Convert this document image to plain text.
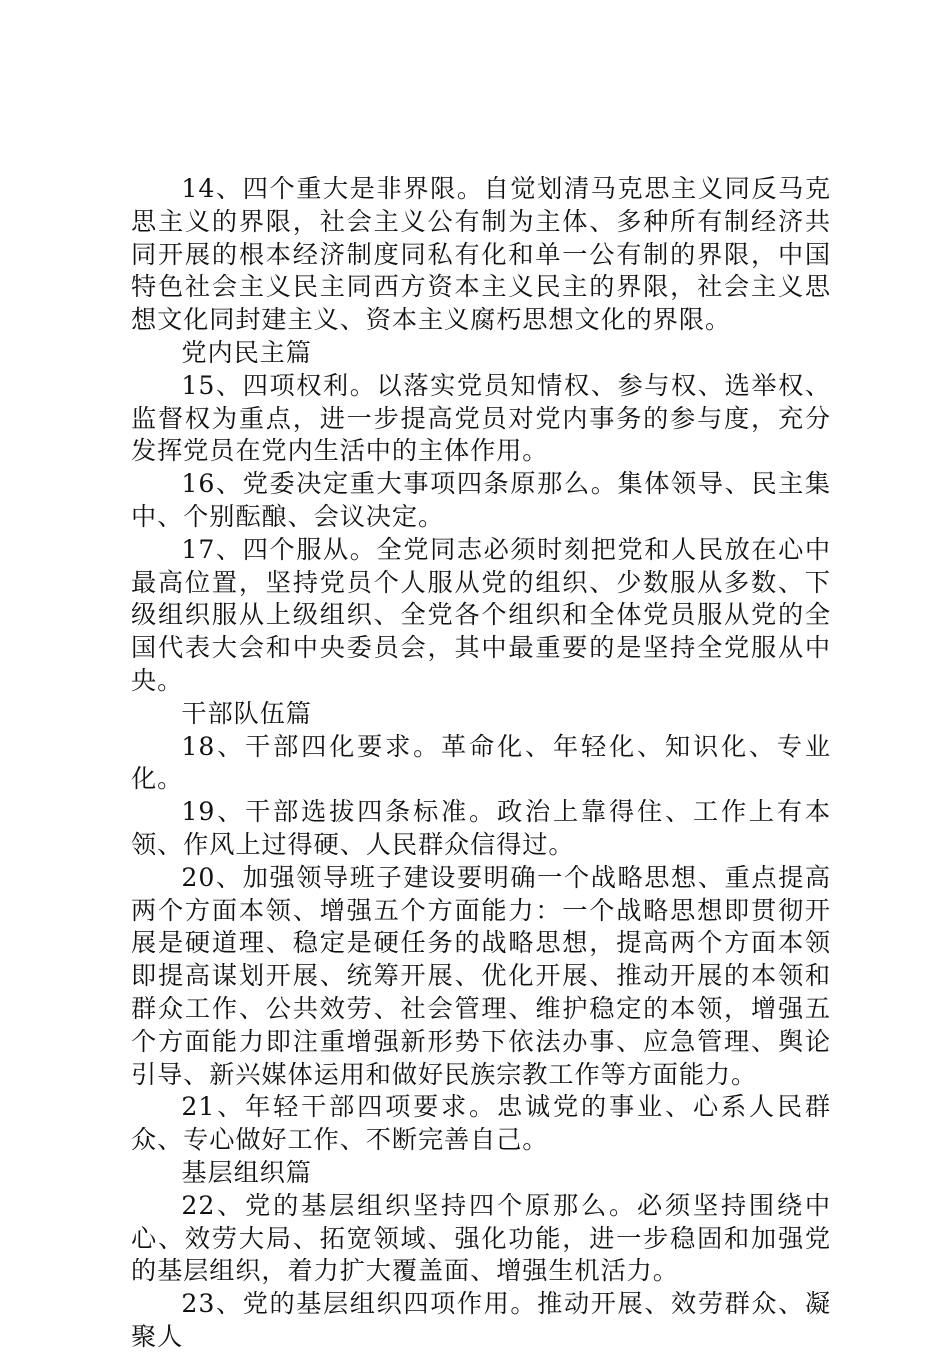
14、四个重大是非界限。自觉划清马克思主义同反马克思主义的界限，社会主义公有制为主体、多种所有制经济共同开展的根本经济制度同私有化和单一公有制的界限，中国特色社会主义民主同西方资本主义民主的界限，社会主义思想文化同封建主义、资本主义腐朽思想文化的界限。

党内民主篇

15、四项权利。以落实党员知情权、参与权、选举权、监督权为重点，进一步提高党员对党内事务的参与度，充分发挥党员在党内生活中的主体作用。

16、党委决定重大事项四条原那么。集体领导、民主集中、个别酝酿、会议决定。

17、四个服从。全党同志必须时刻把党和人民放在心中最高位置，坚持党员个人服从党的组织、少数服从多数、下级组织服从上级组织、全党各个组织和全体党员服从党的全国代表大会和中央委员会，其中最重要的是坚持全党服从中央。

干部队伍篇

18、干部四化要求。革命化、年轻化、知识化、专业化。

19、干部选拔四条标准。政治上靠得住、工作上有本领、作风上过得硬、人民群众信得过。

20、加强领导班子建设要明确一个战略思想、重点提高两个方面本领、增强五个方面能力：一个战略思想即贯彻开展是硬道理、稳定是硬任务的战略思想，提高两个方面本领即提高谋划开展、统筹开展、优化开展、推动开展的本领和群众工作、公共效劳、社会管理、维护稳定的本领，增强五个方面能力即注重增强新形势下依法办事、应急管理、舆论引导、新兴媒体运用和做好民族宗教工作等方面能力。

21、年轻干部四项要求。忠诚党的事业、心系人民群众、专心做好工作、不断完善自己。

基层组织篇

22、党的基层组织坚持四个原那么。必须坚持围绕中心、效劳大局、拓宽领域、强化功能，进一步稳固和加强党的基层组织，着力扩大覆盖面、增强生机活力。

23、党的基层组织四项作用。推动开展、效劳群众、凝聚人
